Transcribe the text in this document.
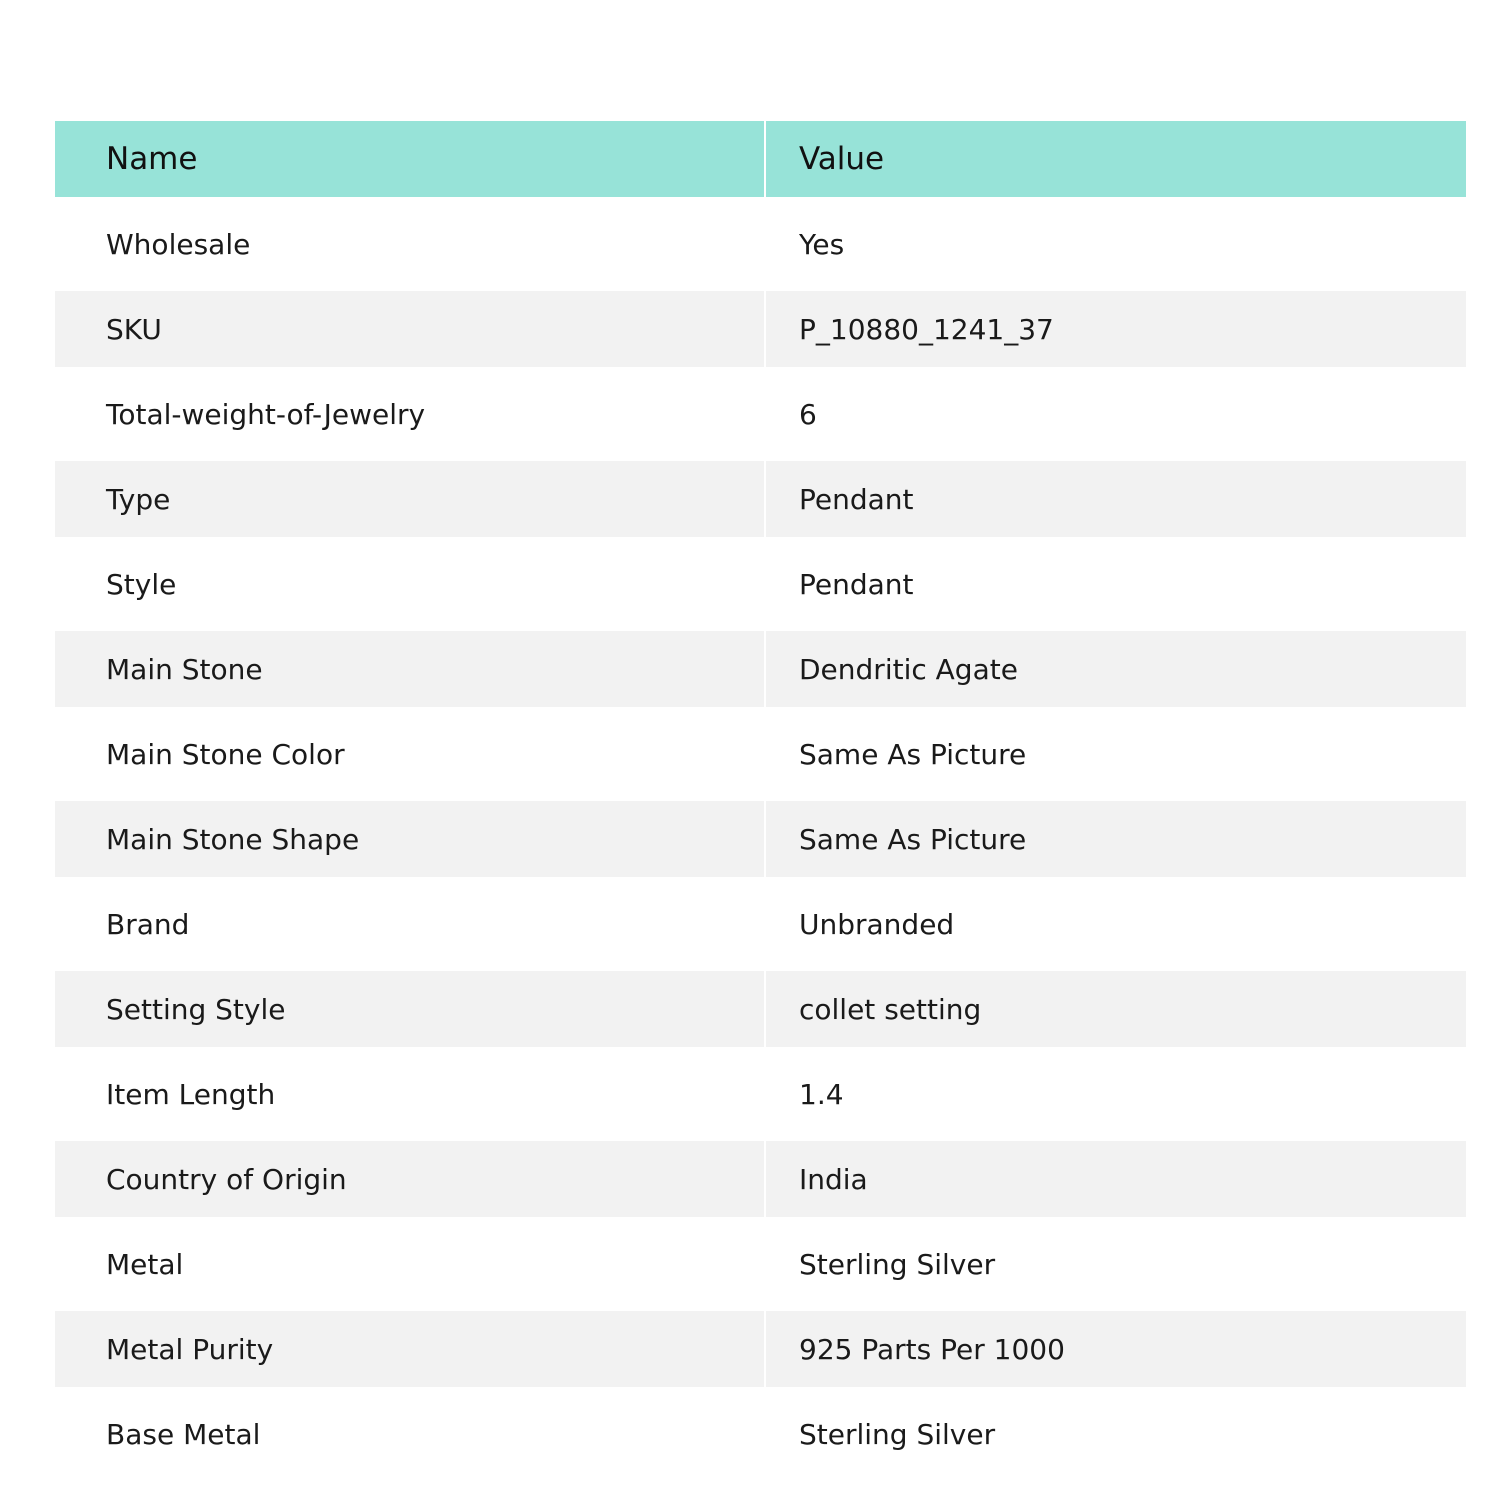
Name	Value
Wholesale	Yes
SKU	P_10880_1241_37
Total-weight-of-Jewelry	6
Type	Pendant
Style	Pendant
Main Stone	Dendritic Agate
Main Stone Color	Same As Picture
Main Stone Shape	Same As Picture
Brand	Unbranded
Setting Style	collet setting
Item Length	1.4
Country of Origin	India
Metal	Sterling Silver
Metal Purity	925 Parts Per 1000
Base Metal	Sterling Silver
